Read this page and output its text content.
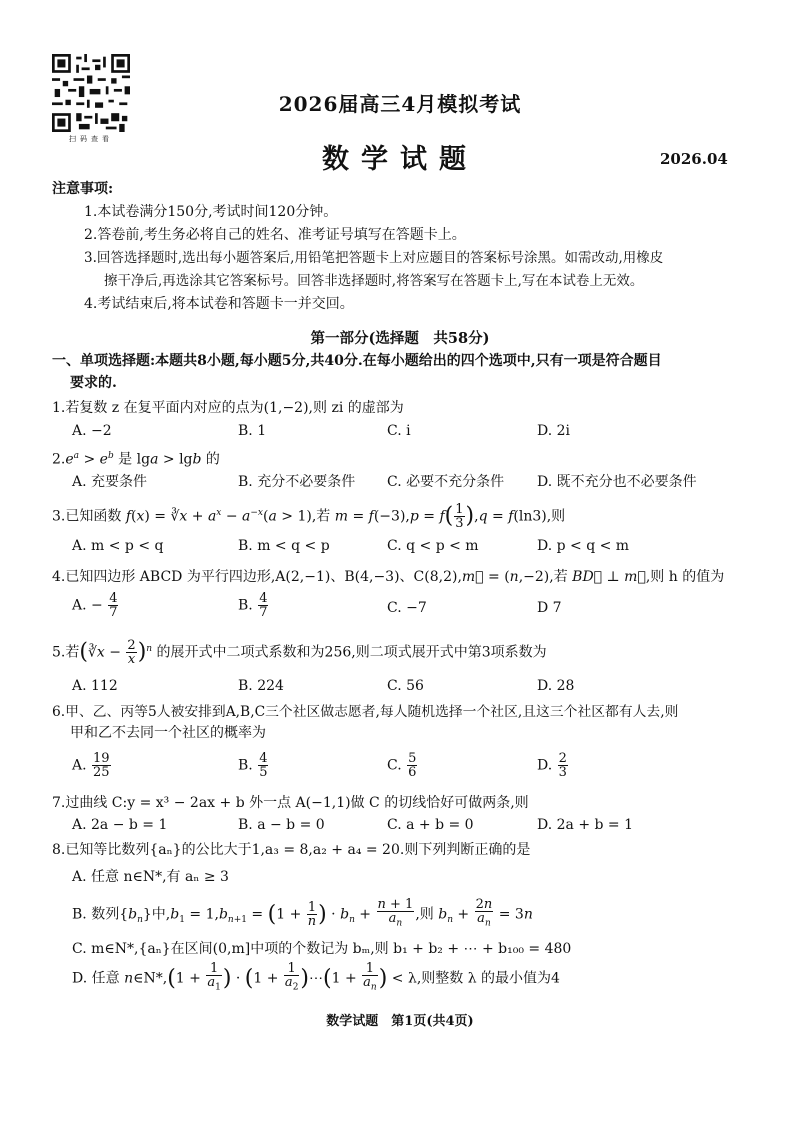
扫码查看
2026届高三4月模拟考试
数学试题	2026.04
注意事项:
1.本试卷满分150分,考试时间120分钟。
2.答卷前,考生务必将自己的姓名、准考证号填写在答题卡上。
3.回答选择题时,选出每小题答案后,用铅笔把答题卡上对应题目的答案标号涂黑。如需改动,用橡皮
擦干净后,再选涂其它答案标号。回答非选择题时,将答案写在答题卡上,写在本试卷上无效。
4.考试结束后,将本试卷和答题卡一并交回。
第一部分(选择题　共58分)
一、单项选择题:本题共8小题,每小题5分,共40分.在每小题给出的四个选项中,只有一项是符合题目
要求的.
1.若复数 z 在复平面内对应的点为(1,−2),则 zi 的虚部为
A. −2	B. 1	C. i	D. 2i
$2.e^a > e^b$ 是 lga > lgb 的
A. 充要条件	B. 充分不必要条件 C. 必要不充分条件 D. 既不充分也不必要条件
3.已知函数 f(x) = ∛x + $a^x - a^{-x}(a > 1)$,若 $m = f(-3),p = f( \frac{1}{3} ),q = f(\ln 3)$,则
A. m < p < q	B. m < q < p	C. q < p < m	D. p < q < m
4.已知四边形 ABCD 为平行四边形,A(2,−1)、B(4,−3)、C(8,2),m⃗ = (n,−2),若 BD⃗ ⊥ m⃗,则 h 的值为
A. − $\frac{4}{7}$	B. $\frac{4}{7}$	C. −7	D 7
5.若(∛x − $\frac{2}{x} )^n$ 的展开式中二项式系数和为256,则二项式展开式中第3项系数为
A. 112	B. 224	C. 56	D. 28
6.甲、乙、丙等5人被安排到A,B,C三个社区做志愿者,每人随机选择一个社区,且这三个社区都有人去,则
甲和乙不去同一个社区的概率为
A. $\frac{19}{25}$	B. $\frac{4}{5}$	C. $\frac{5}{6}$	D. $\frac{2}{3}$
7.过曲线 C:y = x³ − 2ax + b 外一点 A(−1,1)做 C 的切线恰好可做两条,则
A. 2a − b = 1	B. a − b = 0	C. a + b = 0	D. 2a + b = 1
8.已知等比数列{aₙ}的公比大于1,a₃ = 8,a₂ + a₄ = 20.则下列判断正确的是
A. 任意 n∈N*,有 aₙ ≥ 3
B. 数列$\{b_n\}$中$,b_1 = 1,b_{n+1} = (1 + \frac{1}{n}$ ) · $b_n + \frac{n + 1}{a_n}$ ,则 $b_n + \frac{2n}{a_n} = 3n$
C. m∈N*,{aₙ}在区间(0,m]中项的个数记为 bₘ,则 b₁ + b₂ + ⋯ + b₁₀₀ = 480
D. 任意 n∈N*,(1 + $\frac{1}{a_1}$ ) · ($1 + \frac{1}{a_2}$ )⋯(1 + $\frac{1}{a_n}$ ) < λ,则整数 λ 的最小值为4
数学试题　第1页(共4页)
